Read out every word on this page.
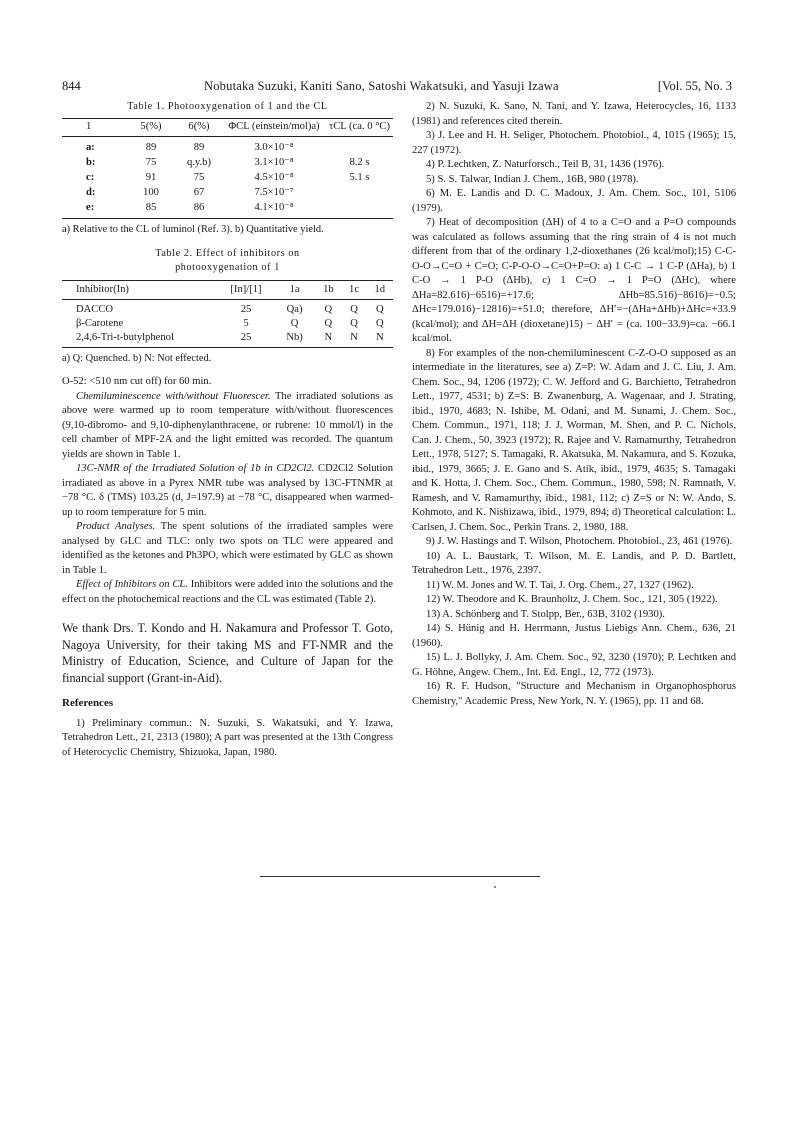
844	Nobutaka Suzuki, Kaniti Sano, Satoshi Wakatsuki, and Yasuji Izawa	[Vol. 55, No. 3

Table 1. Photooxygenation of 1 and the CL

1	5(%)	6(%)	ΦCL (einstein/mol)a)	τCL (ca. 0 °C)
a:	89	89	3.0×10⁻⁸	
b:	75	q.y.b)	3.1×10⁻⁸	8.2 s
c:	91	75	4.5×10⁻⁸	5.1 s
d:	100	67	7.5×10⁻⁷	
e:	85	86	4.1×10⁻⁸	

a) Relative to the CL of luminol (Ref. 3). b) Quantitative yield.

Table 2. Effect of inhibitors on

photooxygenation of 1

Inhibitor(In)	[In]/[1]	1a	1b	1c	1d
DACCO	25	Qa)	Q	Q	Q
β-Carotene	5	Q	Q	Q	Q
2,4,6-Tri-t-butylphenol	25	Nb)	N	N	N

a) Q: Quenched. b) N: Not effected.

O-52: <510 nm cut off) for 60 min.

Chemiluminescence with/without Fluorescer. The irradiated solutions as above were warmed up to room temperature with/without fluorescences (9,10-dibromo- and 9,10-diphenylanthracene, or rubrene: 10 mmol/l) in the cell chamber of MPF-2A and the light emitted was recorded. The quantum yields are shown in Table 1.

13C-NMR of the Irradiated Solution of 1b in CD2Cl2. CD2Cl2 Solution irradiated as above in a Pyrex NMR tube was analysed by 13C-FTNMR at −78 °C. δ (TMS) 103.25 (d, J=197.9) at −78 °C, disappeared when warmed-up to room temperature for 5 min.

Product Analyses. The spent solutions of the irradiated samples were analysed by GLC and TLC: only two spots on TLC were appeared and identified as the ketones and Ph3PO, which were estimated by GLC as shown in Table 1.

Effect of Inhibitors on CL. Inhibitors were added into the solutions and the effect on the photochemical reactions and the CL was estimated (Table 2).

We thank Drs. T. Kondo and H. Nakamura and Professor T. Goto, Nagoya University, for their taking MS and FT-NMR and the Ministry of Education, Science, and Culture of Japan for the financial support (Grant-in-Aid).

References

1) Preliminary commun.: N. Suzuki, S. Wakatsuki, and Y. Izawa, Tetrahedron Lett., 21, 2313 (1980); A part was presented at the 13th Congress of Heterocyclic Chemistry, Shizuoka, Japan, 1980.

2) N. Suzuki, K. Sano, N. Tani, and Y. Izawa, Heterocycles, 16, 1133 (1981) and references cited therein.

3) J. Lee and H. H. Seliger, Photochem. Photobiol., 4, 1015 (1965); 15, 227 (1972).

4) P. Lechtken, Z. Naturforsch., Teil B, 31, 1436 (1976).

5) S. S. Talwar, Indian J. Chem., 16B, 980 (1978).

6) M. E. Landis and D. C. Madoux, J. Am. Chem. Soc., 101, 5106 (1979).

7) Heat of decomposition (ΔH) of 4 to a C=O and a P=O compounds was calculated as follows assuming that the ring strain of 4 is not much different from that of the ordinary 1,2-dioxethanes (26 kcal/mol);15) C-C-O-O→C=O + C=O; C-P-O-O→C=O+P=O: a) 1 C-C → 1 C-P (ΔHa), b) 1 C-O → 1 P-O (ΔHb), c) 1 C=O → 1 P=O (ΔHc), where ΔHa=82.616)−6516)=+17.6; ΔHb=85.516)−8616)=−0.5; ΔHc=179.016)−12816)=+51.0; therefore, ΔH′=−(ΔHa+ΔHb)+ΔHc=+33.9 (kcal/mol); and ΔH=ΔH (dioxetane)15) − ΔH′ = (ca. 100−33.9)=ca. −66.1 kcal/mol.

8) For examples of the non-chemiluminescent C-Z-O-O supposed as an intermediate in the literatures, see a) Z=P: W. Adam and J. C. Liu, J. Am. Chem. Soc., 94, 1206 (1972); C. W. Jefford and G. Barchietto, Tetrahedron Lett., 1977, 4531; b) Z=S: B. Zwanenburg, A. Wagenaar, and J. Strating, ibid., 1970, 4683; N. Ishibe, M. Odani, and M. Sunami, J. Chem. Soc., Chem. Commun., 1971, 118; J. J. Worman, M. Shen, and P. C. Nichols, Can. J. Chem., 50, 3923 (1972); R. Rajee and V. Ramamurthy, Tetrahedron Lett., 1978, 5127; S. Tamagaki, R. Akatsuka, M. Nakamura, and S. Kozuka, ibid., 1979, 3665; J. E. Gano and S. Atik, ibid., 1979, 4635; S. Tamagaki and K. Hotta, J. Chem. Soc., Chem. Commun., 1980, 598; N. Ramnath, V. Ramesh, and V. Ramamurthy, ibid., 1981, 112; c) Z=S or N: W. Ando, S. Kohmoto, and K. Nishizawa, ibid., 1979, 894; d) Theoretical calculation: L. Carlsen, J. Chem. Soc., Perkin Trans. 2, 1980, 188.

9) J. W. Hastings and T. Wilson, Photochem. Photobiol., 23, 461 (1976).

10) A. L. Baustark, T. Wilson, M. E. Landis, and P. D. Bartlett, Tetrahedron Lett., 1976, 2397.

11) W. M. Jones and W. T. Tai, J. Org. Chem., 27, 1327 (1962).

12) W. Theodore and K. Braunholtz, J. Chem. Soc., 121, 305 (1922).

13) A. Schönberg and T. Stolpp, Ber., 63B, 3102 (1930).

14) S. Hünig and H. Herrmann, Justus Liebigs Ann. Chem., 636, 21 (1960).

15) L. J. Bollyky, J. Am. Chem. Soc., 92, 3230 (1970); P. Lechtken and G. Höhne, Angew. Chem., Int. Ed. Engl., 12, 772 (1973).

16) R. F. Hudson, "Structure and Mechanism in Organophosphorus Chemistry," Academic Press, New York, N. Y. (1965), pp. 11 and 68.
